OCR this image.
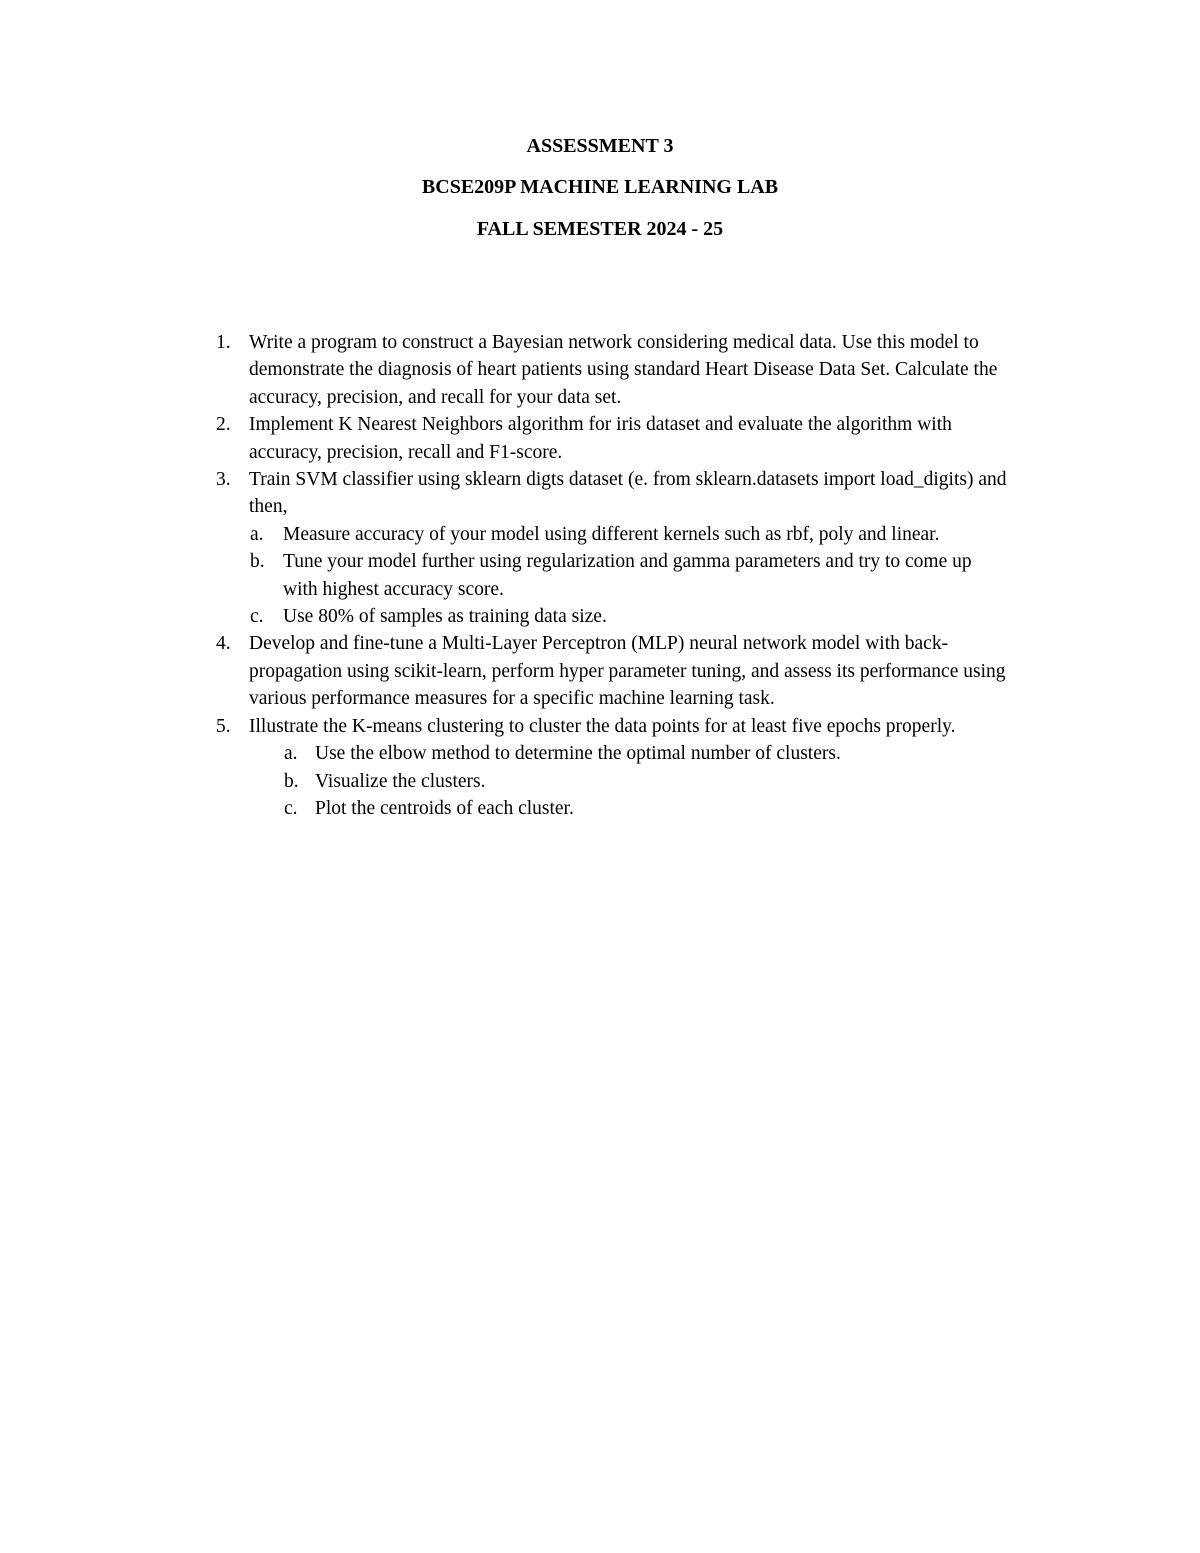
ASSESSMENT 3
BCSE209P MACHINE LEARNING LAB
FALL SEMESTER 2024 - 25
1. Write a program to construct a Bayesian network considering medical data. Use this model to demonstrate the diagnosis of heart patients using standard Heart Disease Data Set. Calculate the accuracy, precision, and recall for your data set.
2. Implement K Nearest Neighbors algorithm for iris dataset and evaluate the algorithm with accuracy, precision, recall and F1-score.
3. Train SVM classifier using sklearn digts dataset (e. from sklearn.datasets import load_digits) and then,
a. Measure accuracy of your model using different kernels such as rbf, poly and linear.
b. Tune your model further using regularization and gamma parameters and try to come up with highest accuracy score.
c. Use 80% of samples as training data size.
4. Develop and fine-tune a Multi-Layer Perceptron (MLP) neural network model with back-propagation using scikit-learn, perform hyper parameter tuning, and assess its performance using various performance measures for a specific machine learning task.
5. Illustrate the K-means clustering to cluster the data points for at least five epochs properly.
a. Use the elbow method to determine the optimal number of clusters.
b. Visualize the clusters.
c. Plot the centroids of each cluster.
